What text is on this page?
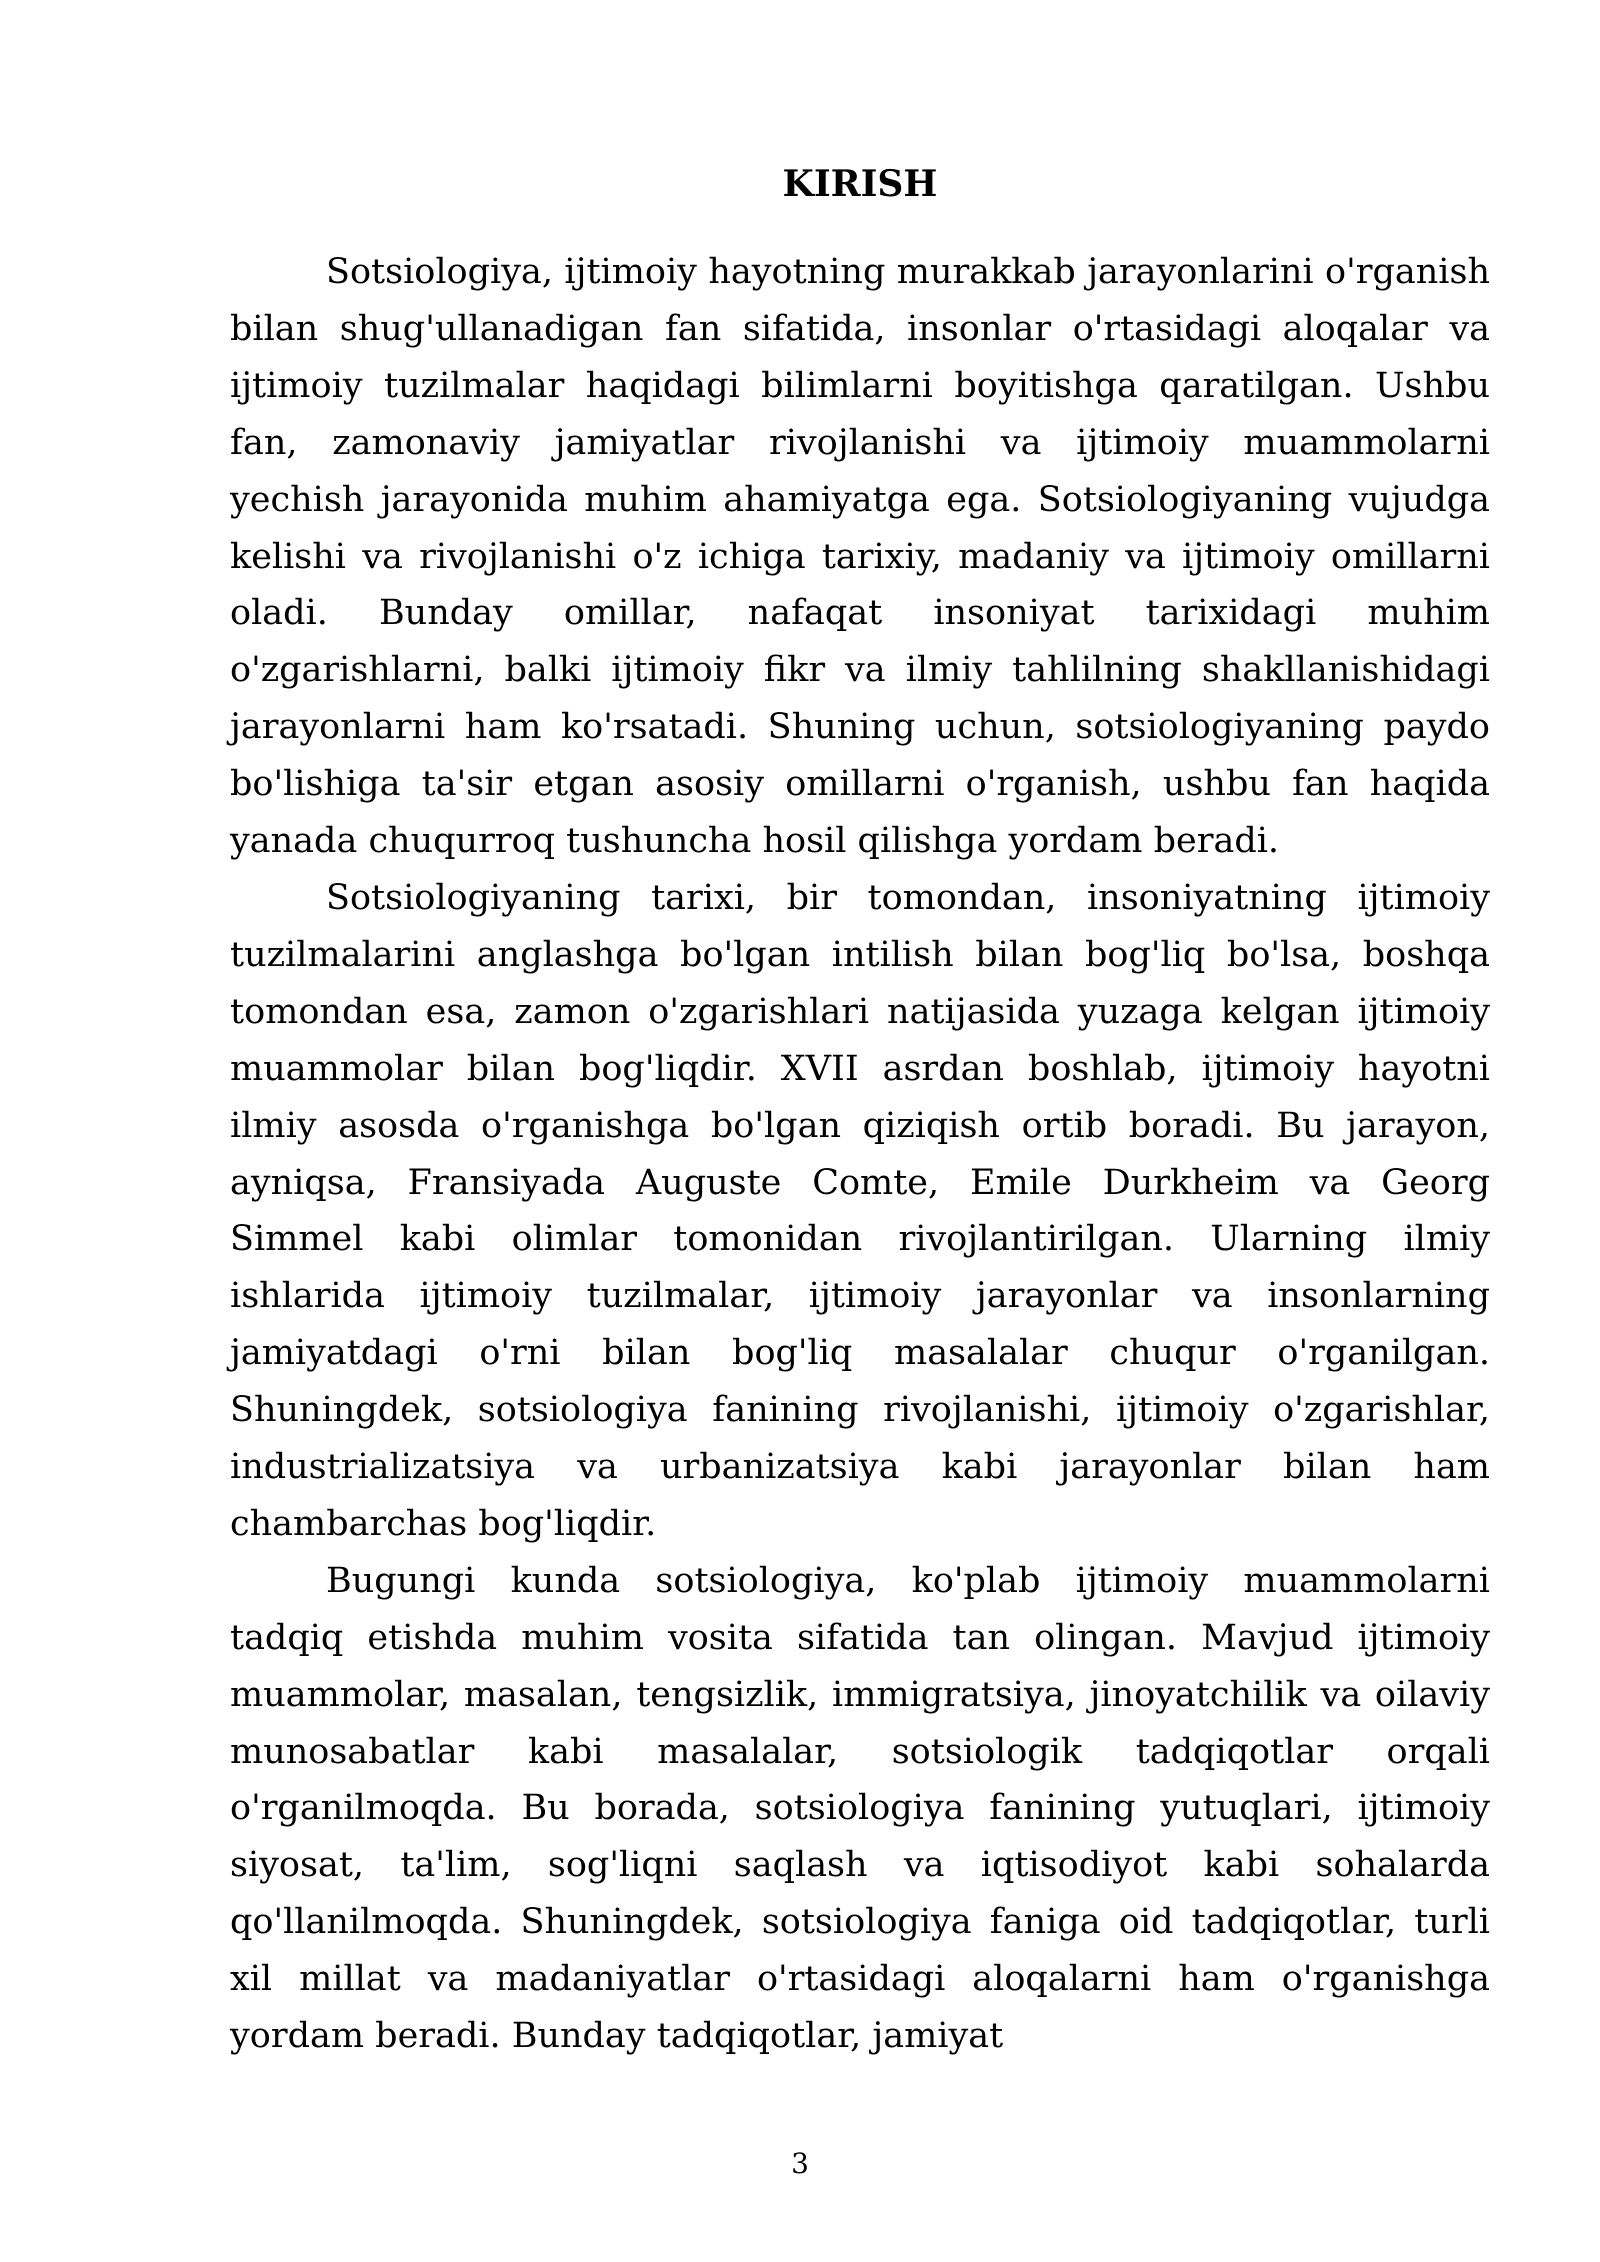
KIRISH

Sotsiologiya, ijtimoiy hayotning murakkab jarayonlarini o'rganish bilan shug'ullanadigan fan sifatida, insonlar o'rtasidagi aloqalar va ijtimoiy tuzilmalar haqidagi bilimlarni boyitishga qaratilgan. Ushbu fan, zamonaviy jamiyatlar rivojlanishi va ijtimoiy muammolarni yechish jarayonida muhim ahamiyatga ega. Sotsiologiyaning vujudga kelishi va rivojlanishi o'z ichiga tarixiy, madaniy va ijtimoiy omillarni oladi. Bunday omillar, nafaqat insoniyat tarixidagi muhim o'zgarishlarni, balki ijtimoiy fikr va ilmiy tahlilning shakllanishidagi jarayonlarni ham ko'rsatadi. Shuning uchun, sotsiologiyaning paydo bo'lishiga ta'sir etgan asosiy omillarni o'rganish, ushbu fan haqida yanada chuqurroq tushuncha hosil qilishga yordam beradi.

Sotsiologiyaning tarixi, bir tomondan, insoniyatning ijtimoiy tuzilmalarini anglashga bo'lgan intilish bilan bog'liq bo'lsa, boshqa tomondan esa, zamon o'zgarishlari natijasida yuzaga kelgan ijtimoiy muammolar bilan bog'liqdir. XVII asrdan boshlab, ijtimoiy hayotni ilmiy asosda o'rganishga bo'lgan qiziqish ortib boradi. Bu jarayon, ayniqsa, Fransiyada Auguste Comte, Emile Durkheim va Georg Simmel kabi olimlar tomonidan rivojlantirilgan. Ularning ilmiy ishlarida ijtimoiy tuzilmalar, ijtimoiy jarayonlar va insonlarning jamiyatdagi o'rni bilan bog'liq masalalar chuqur o'rganilgan. Shuningdek, sotsiologiya fanining rivojlanishi, ijtimoiy o'zgarishlar, industrializatsiya va urbanizatsiya kabi jarayonlar bilan ham chambarchas bog'liqdir.

Bugungi kunda sotsiologiya, ko'plab ijtimoiy muammolarni tadqiq etishda muhim vosita sifatida tan olingan. Mavjud ijtimoiy muammolar, masalan, tengsizlik, immigratsiya, jinoyatchilik va oilaviy munosabatlar kabi masalalar, sotsiologik tadqiqotlar orqali o'rganilmoqda. Bu borada, sotsiologiya fanining yutuqlari, ijtimoiy siyosat, ta'lim, sog'liqni saqlash va iqtisodiyot kabi sohalarda qo'llanilmoqda. Shuningdek, sotsiologiya faniga oid tadqiqotlar, turli xil millat va madaniyatlar o'rtasidagi aloqalarni ham o'rganishga yordam beradi. Bunday tadqiqotlar, jamiyat

3
